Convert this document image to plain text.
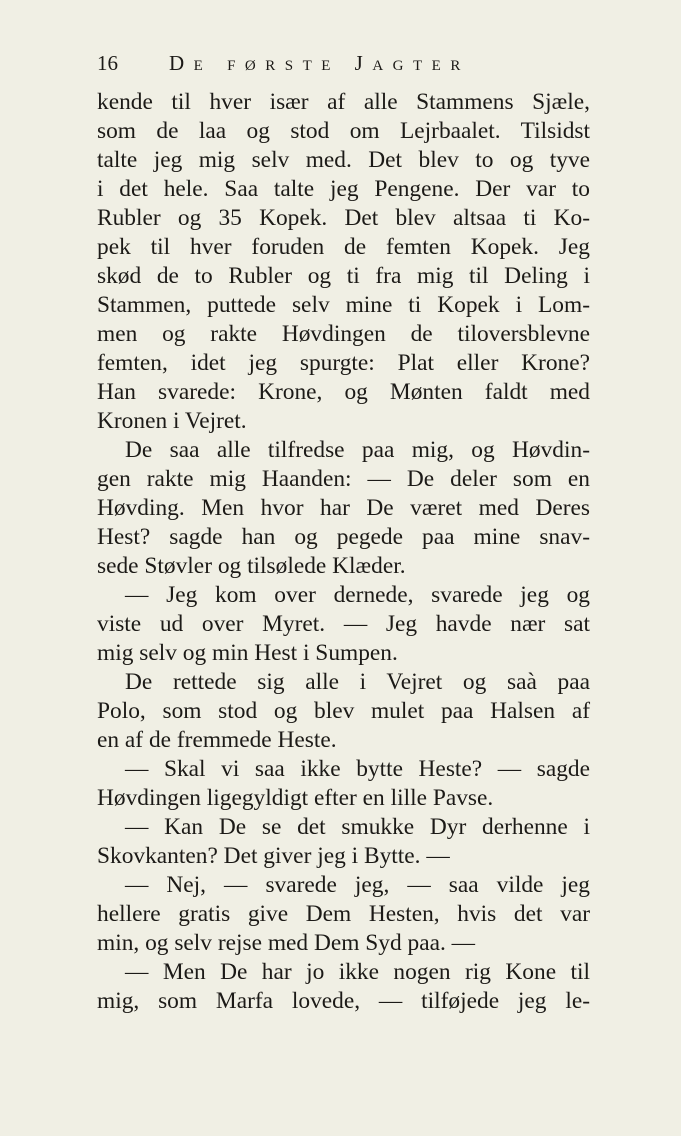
16 De første Jagter
kende til hver især af alle Stammens Sjæle,
som de laa og stod om Lejrbaalet. Tilsidst
talte jeg mig selv med. Det blev to og tyve
i det hele. Saa talte jeg Pengene. Der var to
Rubler og 35 Kopek. Det blev altsaa ti Ko-
pek til hver foruden de femten Kopek. Jeg
skød de to Rubler og ti fra mig til Deling i
Stammen, puttede selv mine ti Kopek i Lom-
men og rakte Høvdingen de tiloversblevne
femten, idet jeg spurgte: Plat eller Krone?
Han svarede: Krone, og Mønten faldt med
Kronen i Vejret.
De saa alle tilfredse paa mig, og Høvdin-
gen rakte mig Haanden: — De deler som en
Høvding. Men hvor har De været med Deres
Hest? sagde han og pegede paa mine snav-
sede Støvler og tilsølede Klæder.
— Jeg kom over dernede, svarede jeg og
viste ud over Myret. — Jeg havde nær sat
mig selv og min Hest i Sumpen.
De rettede sig alle i Vejret og saà paa
Polo, som stod og blev mulet paa Halsen af
en af de fremmede Heste.
— Skal vi saa ikke bytte Heste? — sagde
Høvdingen ligegyldigt efter en lille Pavse.
— Kan De se det smukke Dyr derhenne i
Skovkanten? Det giver jeg i Bytte. —
— Nej, — svarede jeg, — saa vilde jeg
hellere gratis give Dem Hesten, hvis det var
min, og selv rejse med Dem Syd paa. —
— Men De har jo ikke nogen rig Kone til
mig, som Marfa lovede, — tilføjede jeg le-
